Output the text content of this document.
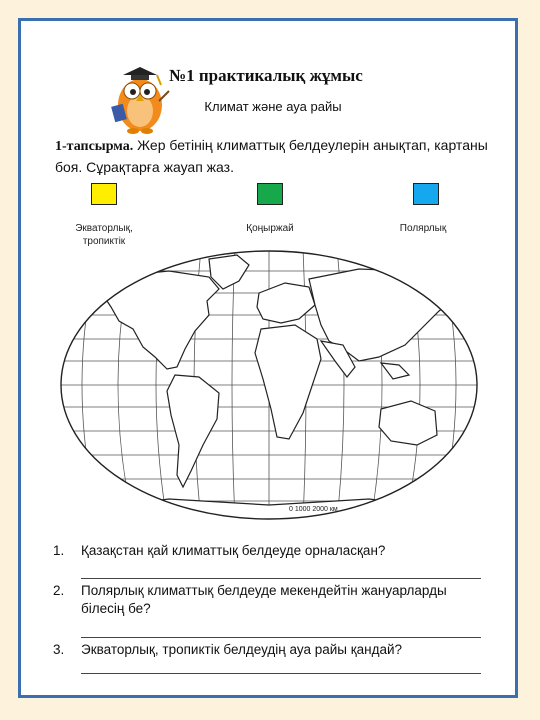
№1 практикалық жұмыс
Климат және ауа райы
1-тапсырма. Жер бетінің климаттық белдеулерін анықтап, картаны боя. Сұрақтарға жауап жаз.
Экваторлық, тропиктік
Қоңыржай	Полярлық
0 1000 2000 км
1.	Қазақстан қай климаттық белдеуде орналасқан?
2.	Полярлық климаттық белдеуде мекендейтін жануарларды білесің бе?
3.	Экваторлық, тропиктік белдеудің ауа райы қандай?
